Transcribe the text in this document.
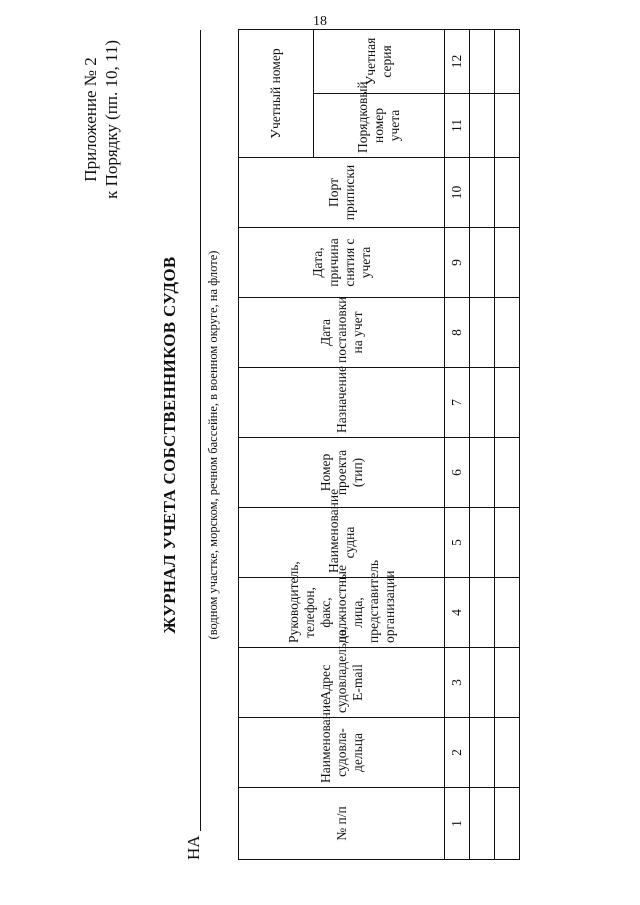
18
Приложение № 2 к Порядку (пп. 10, 11)
ЖУРНАЛ УЧЕТА СОБСТВЕННИКОВ СУДОВ
НА
(водном участке, морском, речном бассейне, в военном округе, на флоте)
№ п/п	Наименование судовла-дельца	Адрес судовладельца, E-mail	Руководитель, телефон, факс, должностные лица, представитель организации	Наименование судна	Номер проекта (тип)	Назначение	Дата постановки на учет	Дата, причина снятия с учета	Порт приписки	Учетный номер	
										Порядковый номер учета	Учетная серия
1	2	3	4	5	6	7	8	9	10	11	12
